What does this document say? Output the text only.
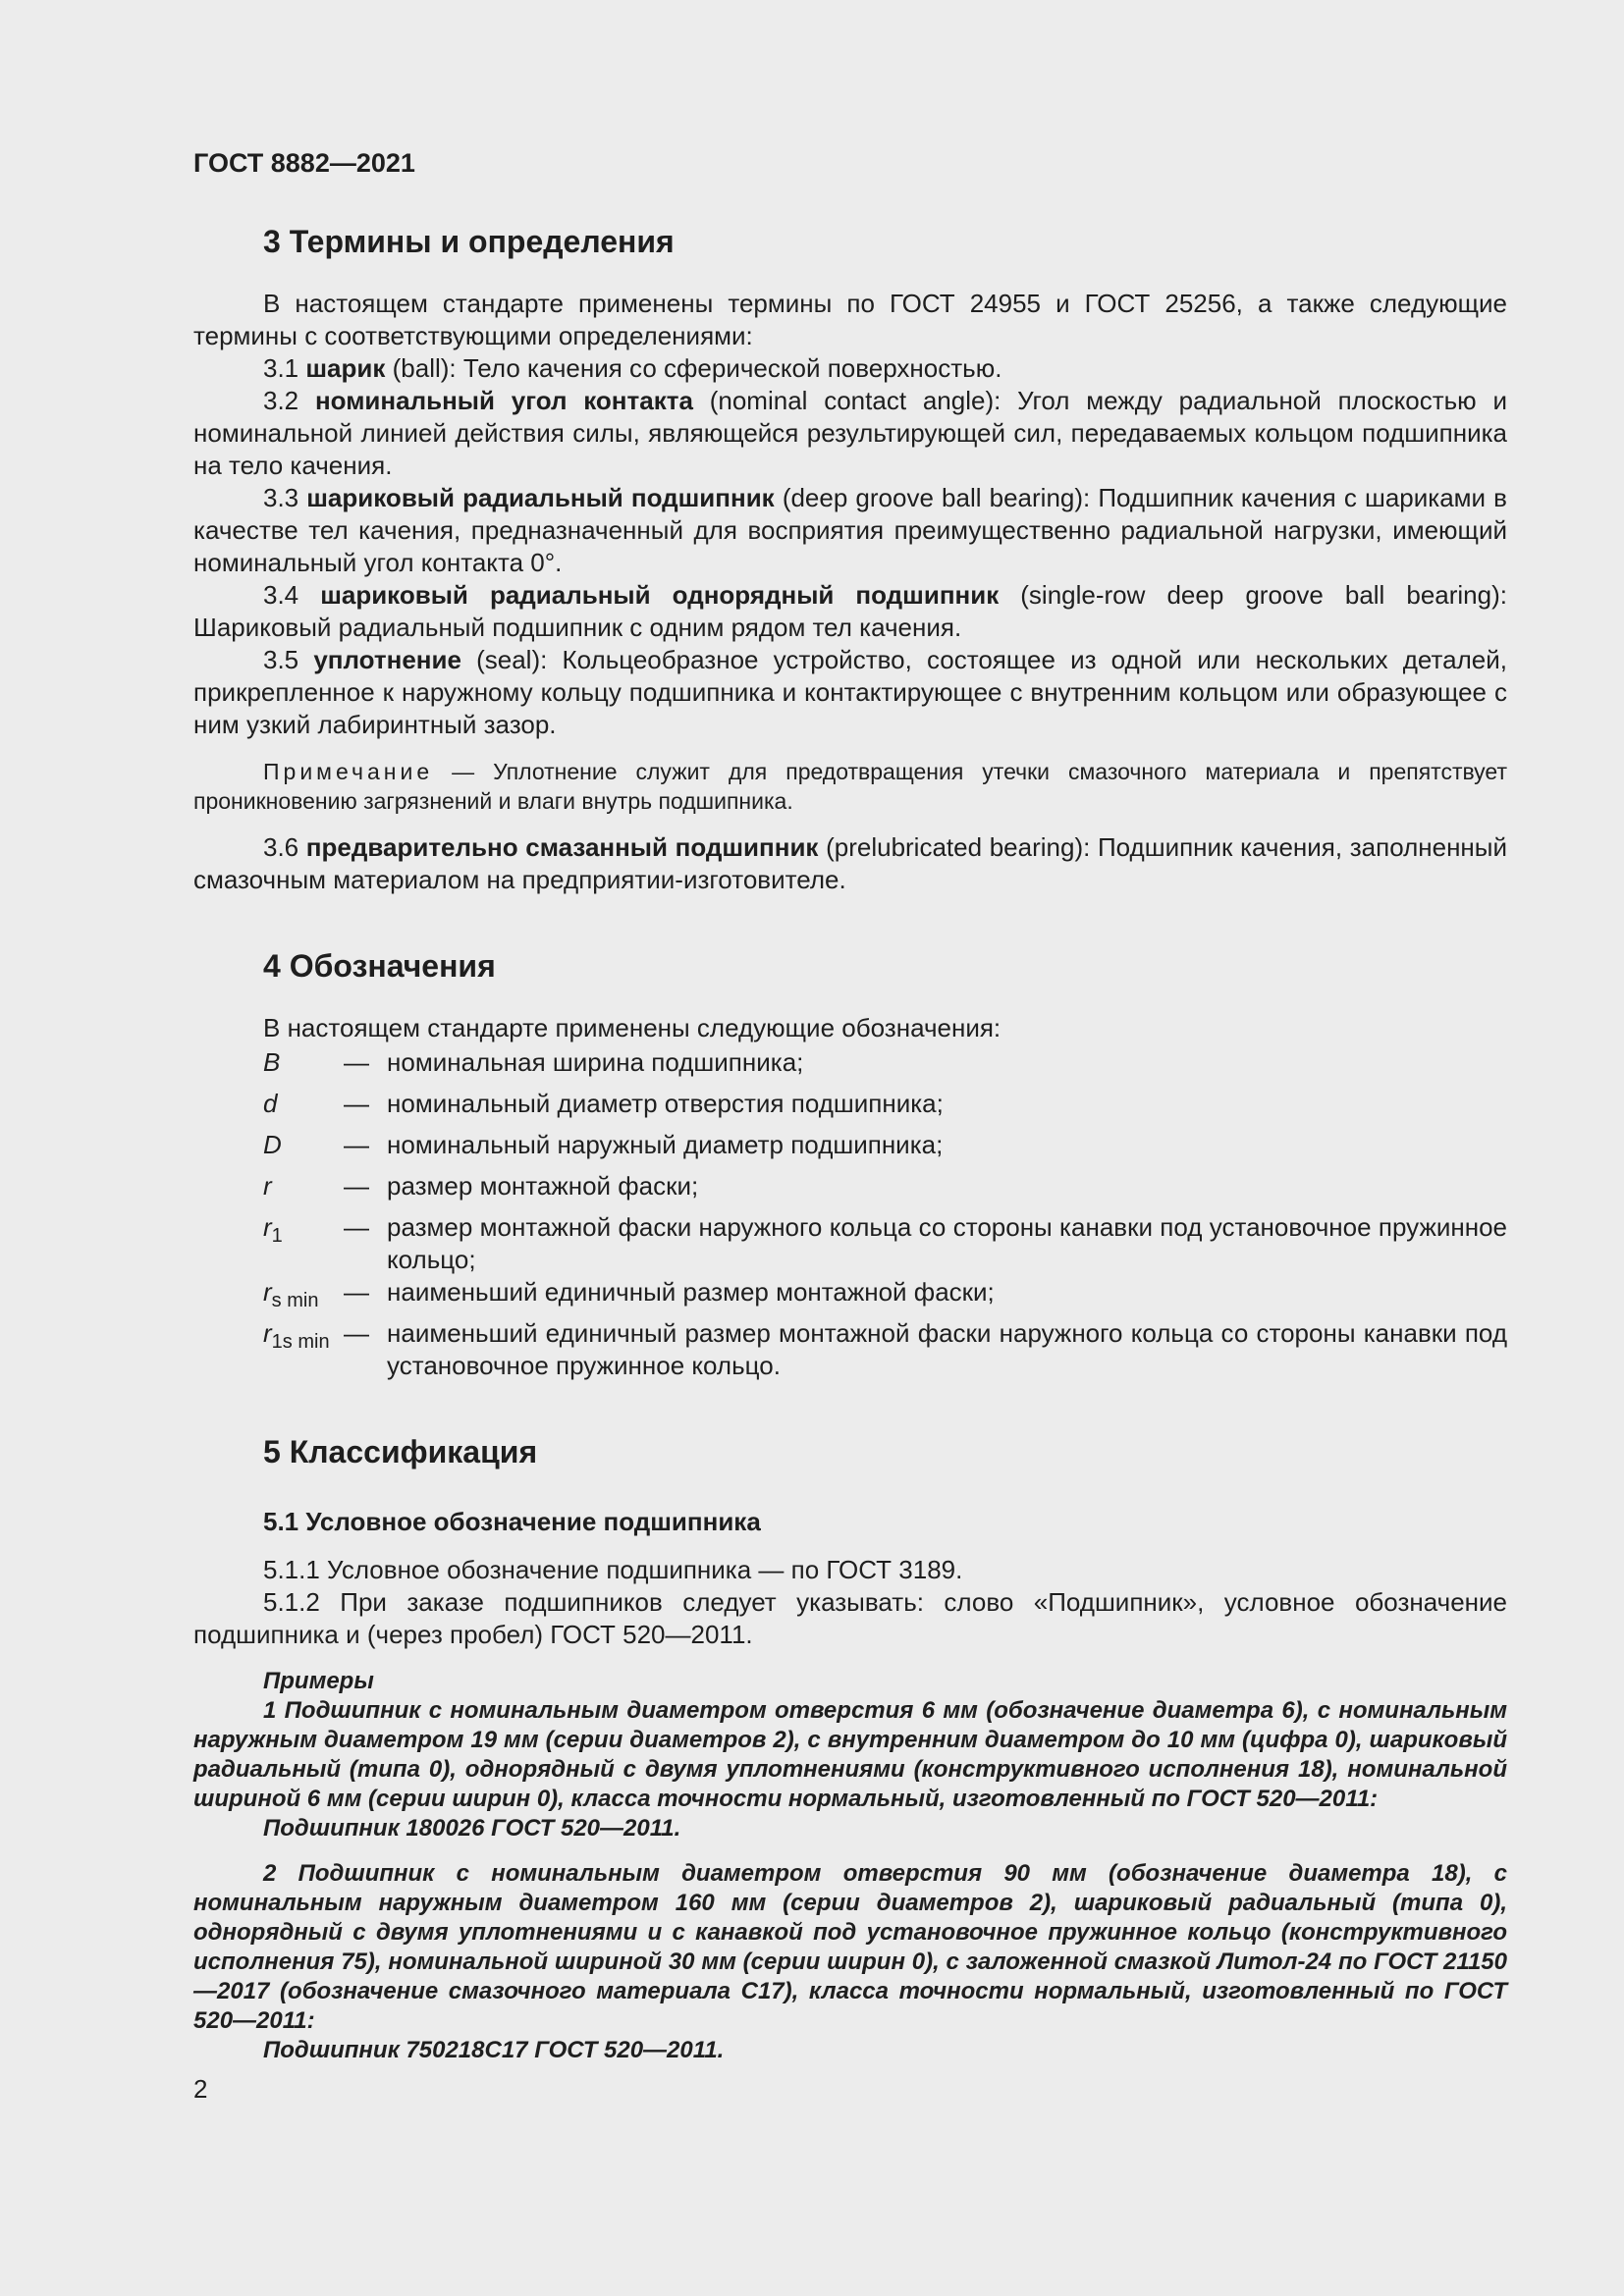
ГОСТ 8882—2021
3 Термины и определения

В настоящем стандарте применены термины по ГОСТ 24955 и ГОСТ 25256, а также следующие термины с соответствующими определениями:

3.1 шарик (ball): Тело качения со сферической поверхностью.

3.2 номинальный угол контакта (nominal contact angle): Угол между радиальной плоскостью и номинальной линией действия силы, являющейся результирующей сил, передаваемых кольцом подшипника на тело качения.

3.3 шариковый радиальный подшипник (deep groove ball bearing): Подшипник качения с шариками в качестве тел качения, предназначенный для восприятия преимущественно радиальной нагрузки, имеющий номинальный угол контакта 0°.

3.4 шариковый радиальный однорядный подшипник (single-row deep groove ball bearing): Шариковый радиальный подшипник с одним рядом тел качения.

3.5 уплотнение (seal): Кольцеобразное устройство, состоящее из одной или нескольких деталей, прикрепленное к наружному кольцу подшипника и контактирующее с внутренним кольцом или образующее с ним узкий лабиринтный зазор.

Примечание — Уплотнение служит для предотвращения утечки смазочного материала и препятствует проникновению загрязнений и влаги внутрь подшипника.

3.6 предварительно смазанный подшипник (prelubricated bearing): Подшипник качения, заполненный смазочным материалом на предприятии-изготовителе.

4 Обозначения

В настоящем стандарте применены следующие обозначения:

B	— номинальная ширина подшипника;
d	— номинальный диаметр отверстия подшипника;
D	— номинальный наружный диаметр подшипника;
r	— размер монтажной фаски;
$r_1$	— размер монтажной фаски наружного кольца со стороны канавки под установочное пружинное кольцо;
$r_{s min}$ — наименьший единичный размер монтажной фаски;
$r_{1s min}$ — наименьший единичный размер монтажной фаски наружного кольца со стороны канавки под установочное пружинное кольцо.
5 Классификация
5.1 Условное обозначение подшипника

5.1.1 Условное обозначение подшипника — по ГОСТ 3189.

5.1.2 При заказе подшипников следует указывать: слово «Подшипник», условное обозначение подшипника и (через пробел) ГОСТ 520—2011.

Примеры

1 Подшипник с номинальным диаметром отверстия 6 мм (обозначение диаметра 6), с номинальным наружным диаметром 19 мм (серии диаметров 2), с внутренним диаметром до 10 мм (цифра 0), шариковый радиальный (типа 0), однорядный с двумя уплотнениями (конструктивного исполнения 18), номинальной шириной 6 мм (серии ширин 0), класса точности нормальный, изготовленный по ГОСТ 520—2011:

Подшипник 180026 ГОСТ 520—2011.

2 Подшипник с номинальным диаметром отверстия 90 мм (обозначение диаметра 18), с номинальным наружным диаметром 160 мм (серии диаметров 2), шариковый радиальный (типа 0), однорядный с двумя уплотнениями и с канавкой под установочное пружинное кольцо (конструктивного исполнения 75), номинальной шириной 30 мм (серии ширин 0), с заложенной смазкой Литол-24 по ГОСТ 21150—2017 (обозначение смазочного материала С17), класса точности нормальный, изготовленный по ГОСТ 520—2011:

Подшипник 750218С17 ГОСТ 520—2011.

2
